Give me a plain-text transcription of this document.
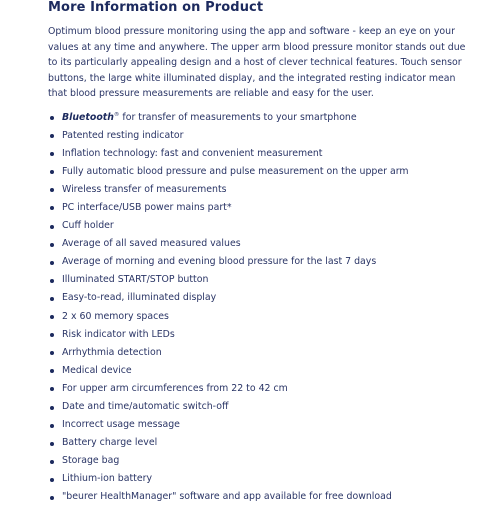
More Information on Product

Optimum blood pressure monitoring using the app and software - keep an eye on your values at any time and anywhere. The upper arm blood pressure monitor stands out due to its particularly appealing design and a host of clever technical features. Touch sensor buttons, the large white illuminated display, and the integrated resting indicator mean that blood pressure measurements are reliable and easy for the user.

Bluetooth® for transfer of measurements to your smartphone
Patented resting indicator
Inflation technology: fast and convenient measurement
Fully automatic blood pressure and pulse measurement on the upper arm
Wireless transfer of measurements
PC interface/USB power mains part*
Cuff holder
Average of all saved measured values
Average of morning and evening blood pressure for the last 7 days
Illuminated START/STOP button
Easy-to-read, illuminated display
2 x 60 memory spaces
Risk indicator with LEDs
Arrhythmia detection
Medical device
For upper arm circumferences from 22 to 42 cm
Date and time/automatic switch-off
Incorrect usage message
Battery charge level
Storage bag
Lithium-ion battery
"beurer HealthManager" software and app available for free download
